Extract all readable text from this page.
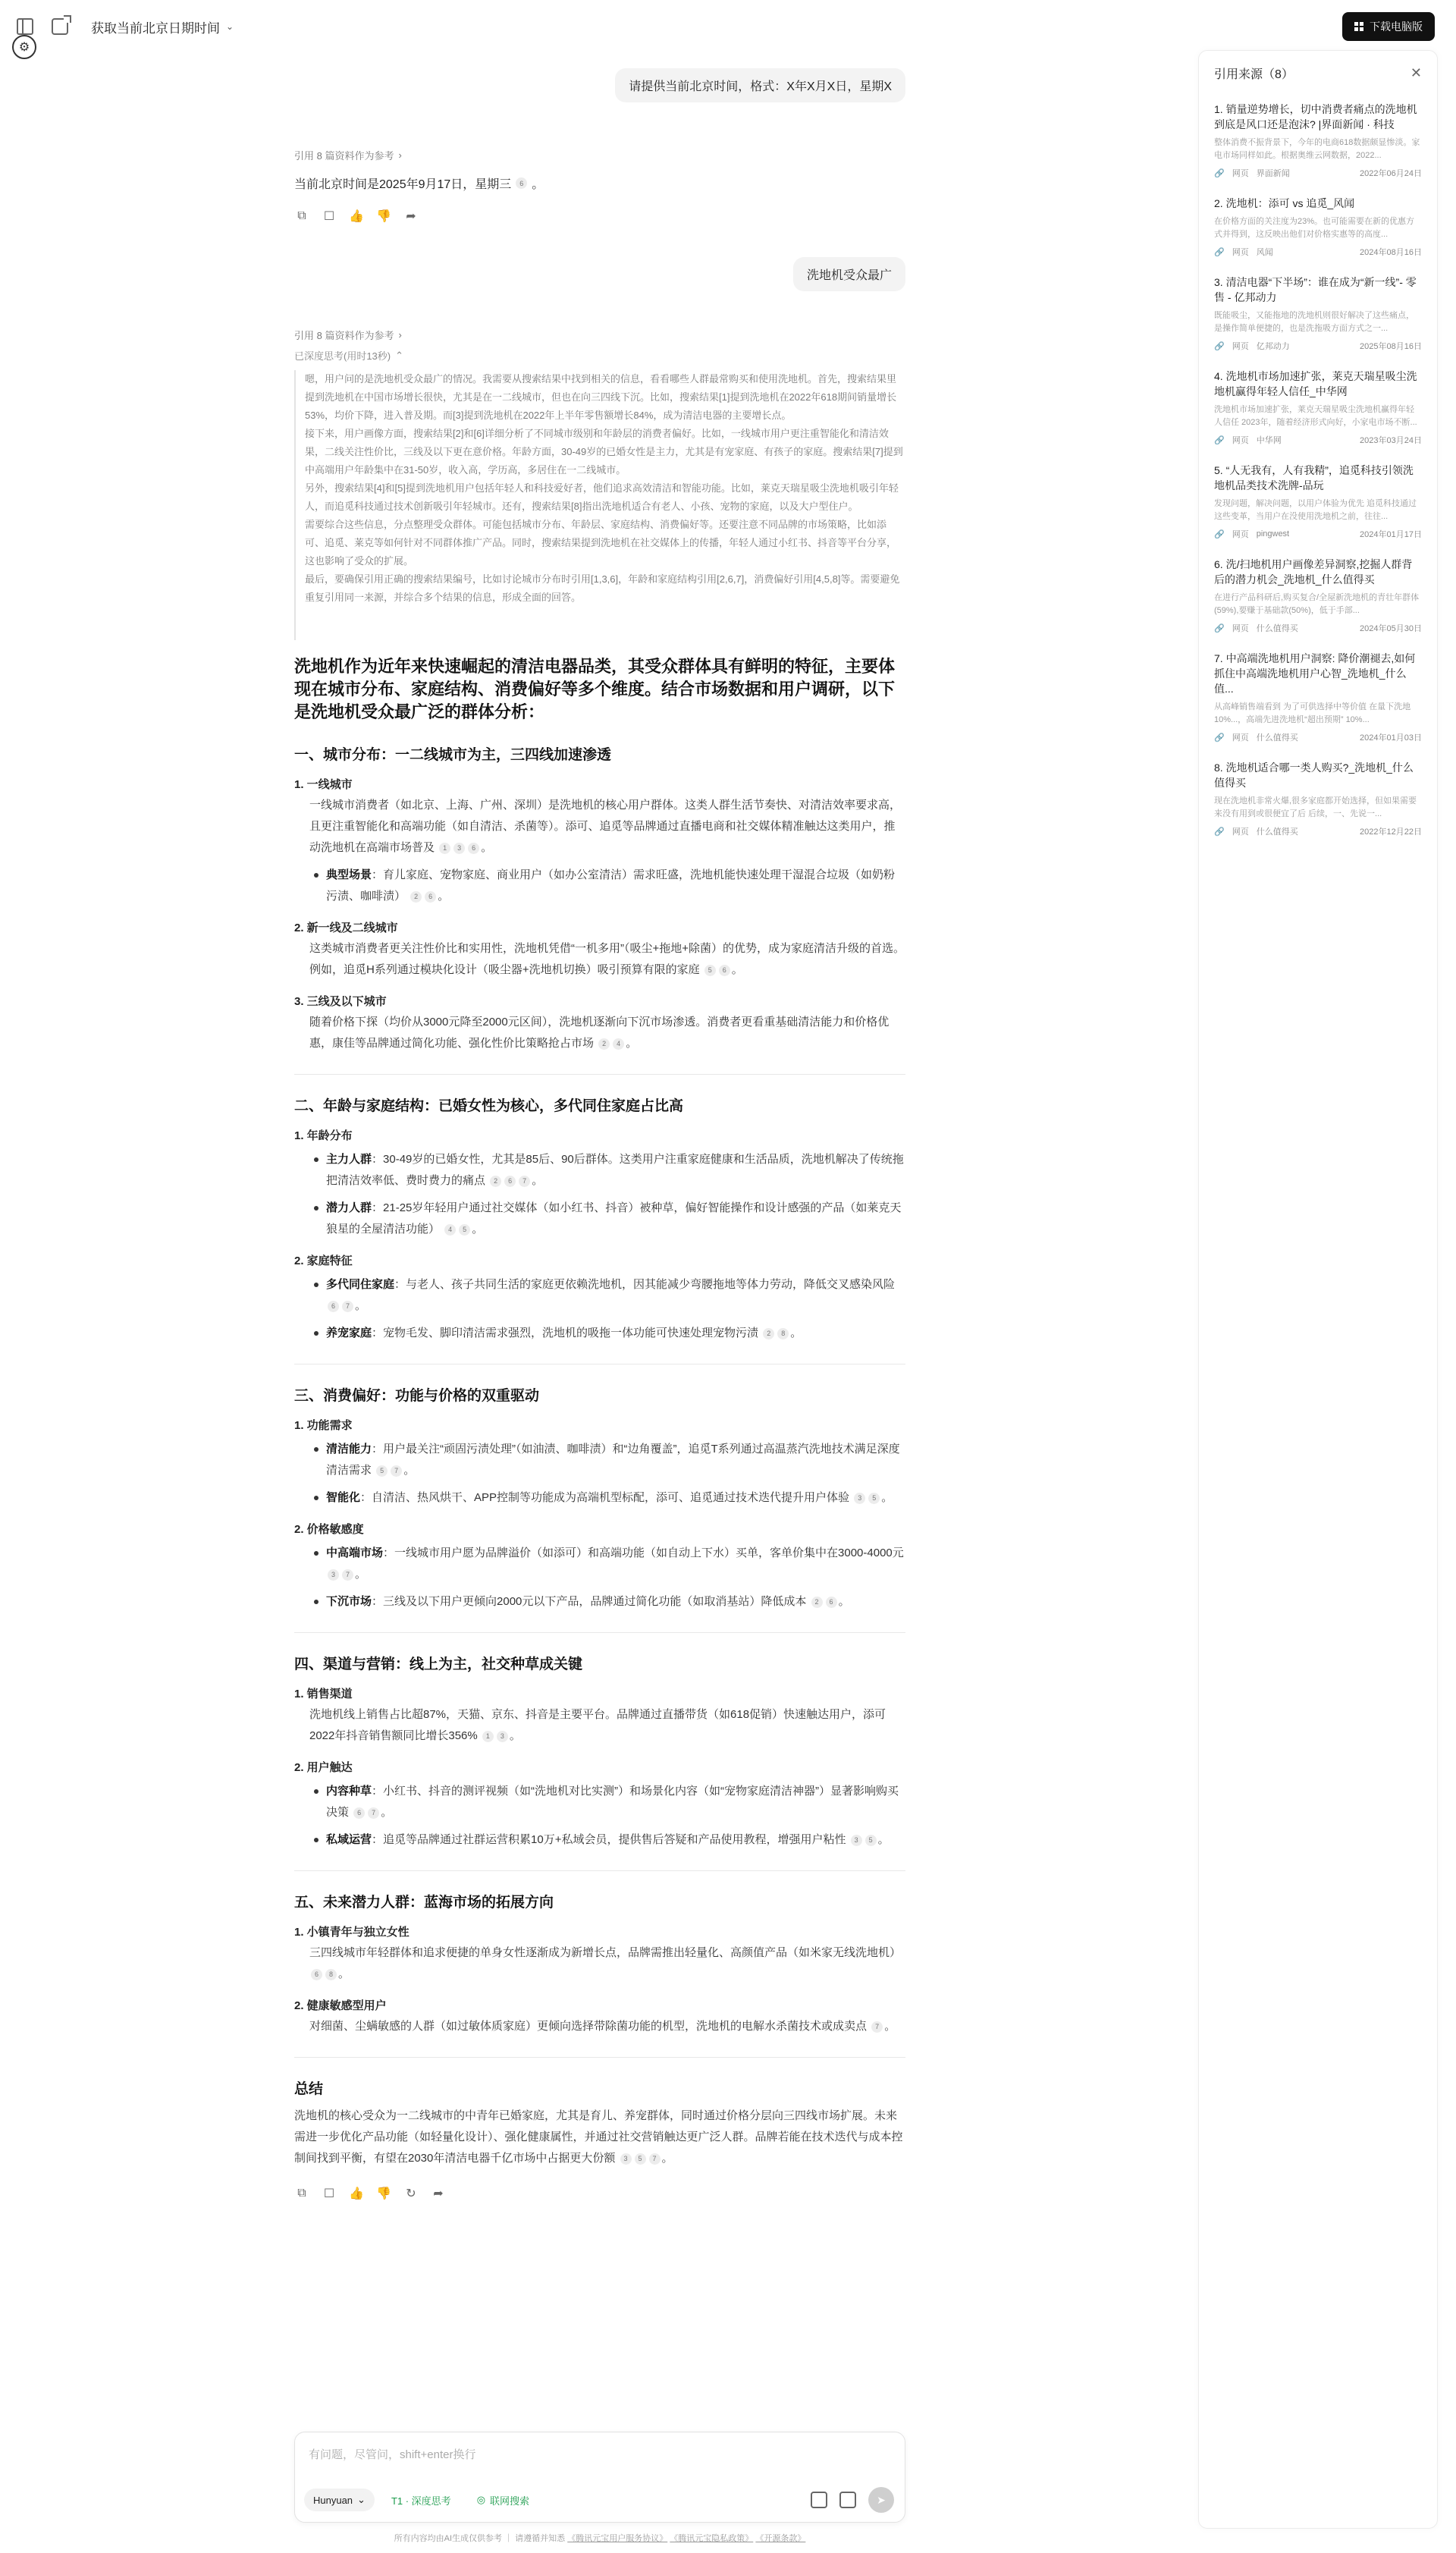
获取当前北京日期时间 ⌄
⚙
下载电脑版
请提供当前北京时间，格式：X年X月X日，星期X
引用 8 篇资料作为参考 ›
当前北京时间是2025年9月17日，星期三	6 。
⧉ ☐ 👍 👎 ➦
洗地机受众最广
引用 8 篇资料作为参考 ›
已深度思考(用时13秒) ⌃

嗯，用户问的是洗地机受众最广的情况。我需要从搜索结果中找到相关的信息，看看哪些人群最常购买和使用洗地机。首先，搜索结果里提到洗地机在中国市场增长很快，尤其是在一二线城市，但也在向三四线下沉。比如，搜索结果[1]提到洗地机在2022年618期间销量增长53%，均价下降，进入普及期。而[3]提到洗地机在2022年上半年零售额增长84%，成为清洁电器的主要增长点。

接下来，用户画像方面，搜索结果[2]和[6]详细分析了不同城市级别和年龄层的消费者偏好。比如，一线城市用户更注重智能化和清洁效果，二线关注性价比，三线及以下更在意价格。年龄方面，30-49岁的已婚女性是主力，尤其是有宠家庭、有孩子的家庭。搜索结果[7]提到中高端用户年龄集中在31-50岁，收入高，学历高，多居住在一二线城市。

另外，搜索结果[4]和[5]提到洗地机用户包括年轻人和科技爱好者，他们追求高效清洁和智能功能。比如，莱克天瑞星吸尘洗地机吸引年轻人，而追觅科技通过技术创新吸引年轻城市。还有，搜索结果[8]指出洗地机适合有老人、小孩、宠物的家庭，以及大户型住户。

需要综合这些信息，分点整理受众群体。可能包括城市分布、年龄层、家庭结构、消费偏好等。还要注意不同品牌的市场策略，比如添可、追觅、莱克等如何针对不同群体推广产品。同时，搜索结果提到洗地机在社交媒体上的传播，年轻人通过小红书、抖音等平台分享，这也影响了受众的扩展。

最后，要确保引用正确的搜索结果编号，比如讨论城市分布时引用[1,3,6]，年龄和家庭结构引用[2,6,7]，消费偏好引用[4,5,8]等。需要避免重复引用同一来源，并综合多个结果的信息，形成全面的回答。

洗地机作为近年来快速崛起的清洁电器品类，其受众群体具有鲜明的特征，主要体现在城市分布、家庭结构、消费偏好等多个维度。结合市场数据和用户调研，以下是洗地机受众最广泛的群体分析：
一、城市分布：一二线城市为主，三四线加速渗透
1. 一线城市
一线城市消费者（如北京、上海、广州、深圳）是洗地机的核心用户群体。这类人群生活节奏快、对清洁效率要求高，且更注重智能化和高端功能（如自清洁、杀菌等）。添可、追觅等品牌通过直播电商和社交媒体精准触达这类用户，推动洗地机在高端市场普及 1 3 6 。
典型场景：育儿家庭、宠物家庭、商业用户（如办公室清洁）需求旺盛，洗地机能快速处理干湿混合垃圾（如奶粉污渍、咖啡渍） 2 6 。
2. 新一线及二线城市
这类城市消费者更关注性价比和实用性，洗地机凭借“一机多用”（吸尘+拖地+除菌）的优势，成为家庭清洁升级的首选。例如，追觅H系列通过模块化设计（吸尘器+洗地机切换）吸引预算有限的家庭 5 6 。
3. 三线及以下城市
随着价格下探（均价从3000元降至2000元区间），洗地机逐渐向下沉市场渗透。消费者更看重基础清洁能力和价格优惠，康佳等品牌通过简化功能、强化性价比策略抢占市场 2 4 。
二、年龄与家庭结构：已婚女性为核心，多代同住家庭占比高
1. 年龄分布
主力人群：30-49岁的已婚女性，尤其是85后、90后群体。这类用户注重家庭健康和生活品质，洗地机解决了传统拖把清洁效率低、费时费力的痛点 2 6 7 。
潜力人群：21-25岁年轻用户通过社交媒体（如小红书、抖音）被种草，偏好智能操作和设计感强的产品（如莱克天狼星的全屋清洁功能） 4 5 。
2. 家庭特征
多代同住家庭：与老人、孩子共同生活的家庭更依赖洗地机，因其能减少弯腰拖地等体力劳动，降低交叉感染风险 6 7 。
养宠家庭：宠物毛发、脚印清洁需求强烈，洗地机的吸拖一体功能可快速处理宠物污渍 2 8 。
三、消费偏好：功能与价格的双重驱动
1. 功能需求
清洁能力：用户最关注“顽固污渍处理”（如油渍、咖啡渍）和“边角覆盖”，追觅T系列通过高温蒸汽洗地技术满足深度清洁需求 5 7 。
智能化：自清洁、热风烘干、APP控制等功能成为高端机型标配，添可、追觅通过技术迭代提升用户体验 3 5 。
2. 价格敏感度
中高端市场：一线城市用户愿为品牌溢价（如添可）和高端功能（如自动上下水）买单，客单价集中在3000-4000元 3 7 。
下沉市场：三线及以下用户更倾向2000元以下产品，品牌通过简化功能（如取消基站）降低成本 2 6 。
四、渠道与营销：线上为主，社交种草成关键
1. 销售渠道
洗地机线上销售占比超87%，天猫、京东、抖音是主要平台。品牌通过直播带货（如618促销）快速触达用户，添可2022年抖音销售额同比增长356% 1 3 。
2. 用户触达
内容种草：小红书、抖音的测评视频（如“洗地机对比实测”）和场景化内容（如“宠物家庭清洁神器”）显著影响购买决策 6 7 。
私域运营：追觅等品牌通过社群运营积累10万+私域会员，提供售后答疑和产品使用教程，增强用户粘性 3 5 。
五、未来潜力人群：蓝海市场的拓展方向
1. 小镇青年与独立女性
三四线城市年轻群体和追求便捷的单身女性逐渐成为新增长点，品牌需推出轻量化、高颜值产品（如米家无线洗地机） 6 8 。
2. 健康敏感型用户
对细菌、尘螨敏感的人群（如过敏体质家庭）更倾向选择带除菌功能的机型，洗地机的电解水杀菌技术或成卖点 7 。
总结
洗地机的核心受众为一二线城市的中青年已婚家庭，尤其是育儿、养宠群体，同时通过价格分层向三四线市场扩展。未来需进一步优化产品功能（如轻量化设计）、强化健康属性，并通过社交营销触达更广泛人群。品牌若能在技术迭代与成本控制间找到平衡，有望在2030年清洁电器千亿市场中占据更大份额 3 5 7 。
⧉ ☐ 👍 👎 ↻ ➦
有问题，尽管问，shift+enter换行
Hunyuan ⌄	T1 · 深度思考	◎ 联网搜索	➤
所有内容均由AI生成仅供参考 ｜ 请遵循并知悉 《腾讯元宝用户服务协议》 《腾讯元宝隐私政策》 《开源条款》
引用来源（8）	✕
1. 销量逆势增长，切中消费者痛点的洗地机到底是风口还是泡沫? |界面新闻 · 科技
整体消费不振背景下，今年的电商618数据颇显惨淡。家电市场同样如此。根据奥维云网数据，2022...
🔗 网页 界面新闻	2022年06月24日
2. 洗地机：添可 vs 追觅_风闻
在价格方面的关注度为23%。也可能需要在新的优惠方式并得到，这反映出他们对价格实惠等的高度...
🔗 网页 风闻	2024年08月16日
3. 清洁电器“下半场”：谁在成为“新一线”- 零售 - 亿邦动力
既能吸尘，又能拖地的洗地机则很好解决了这些痛点，是操作简单便捷的，也是洗拖吸方面方式之一...
🔗 网页 亿邦动力	2025年08月16日
4. 洗地机市场加速扩张，莱克天瑞星吸尘洗地机赢得年轻人信任_中华网
洗地机市场加速扩张，莱克天瑞星吸尘洗地机赢得年轻人信任 2023年，随着经济形式向好，小家电市场不断...
🔗 网页 中华网	2023年03月24日
5. “人无我有，人有我精”，追觅科技引领洗地机品类技术洗牌-品玩
发现问题，解决问题，以用户体验为优先 追觅科技通过这些变革，当用户在没使用洗地机之前，往往...
🔗 网页 pingwest	2024年01月17日
6. 洗/扫地机用户画像差异洞察,挖掘人群背后的潜力机会_洗地机_什么值得买
在进行产品科研后,购买复合/全屋新洗地机的青壮年群体(59%),要赚于基础款(50%)，低于手部...
🔗 网页 什么值得买	2024年05月30日
7. 中高端洗地机用户洞察: 降价潮褪去,如何抓住中高端洗地机用户心智_洗地机_什么值...
从高峰销售端看到 为了可供选择中等价值 在量下洗地 10%...，高端先进洗地机“超出预期” 10%...
🔗 网页 什么值得买	2024年01月03日
8. 洗地机适合哪一类人购买?_洗地机_什么值得买
现在洗地机非常火爆,很多家庭都开始选择，但如果需要来没有用到或很便宜了后 后续，一、先说一...
🔗 网页 什么值得买	2022年12月22日
